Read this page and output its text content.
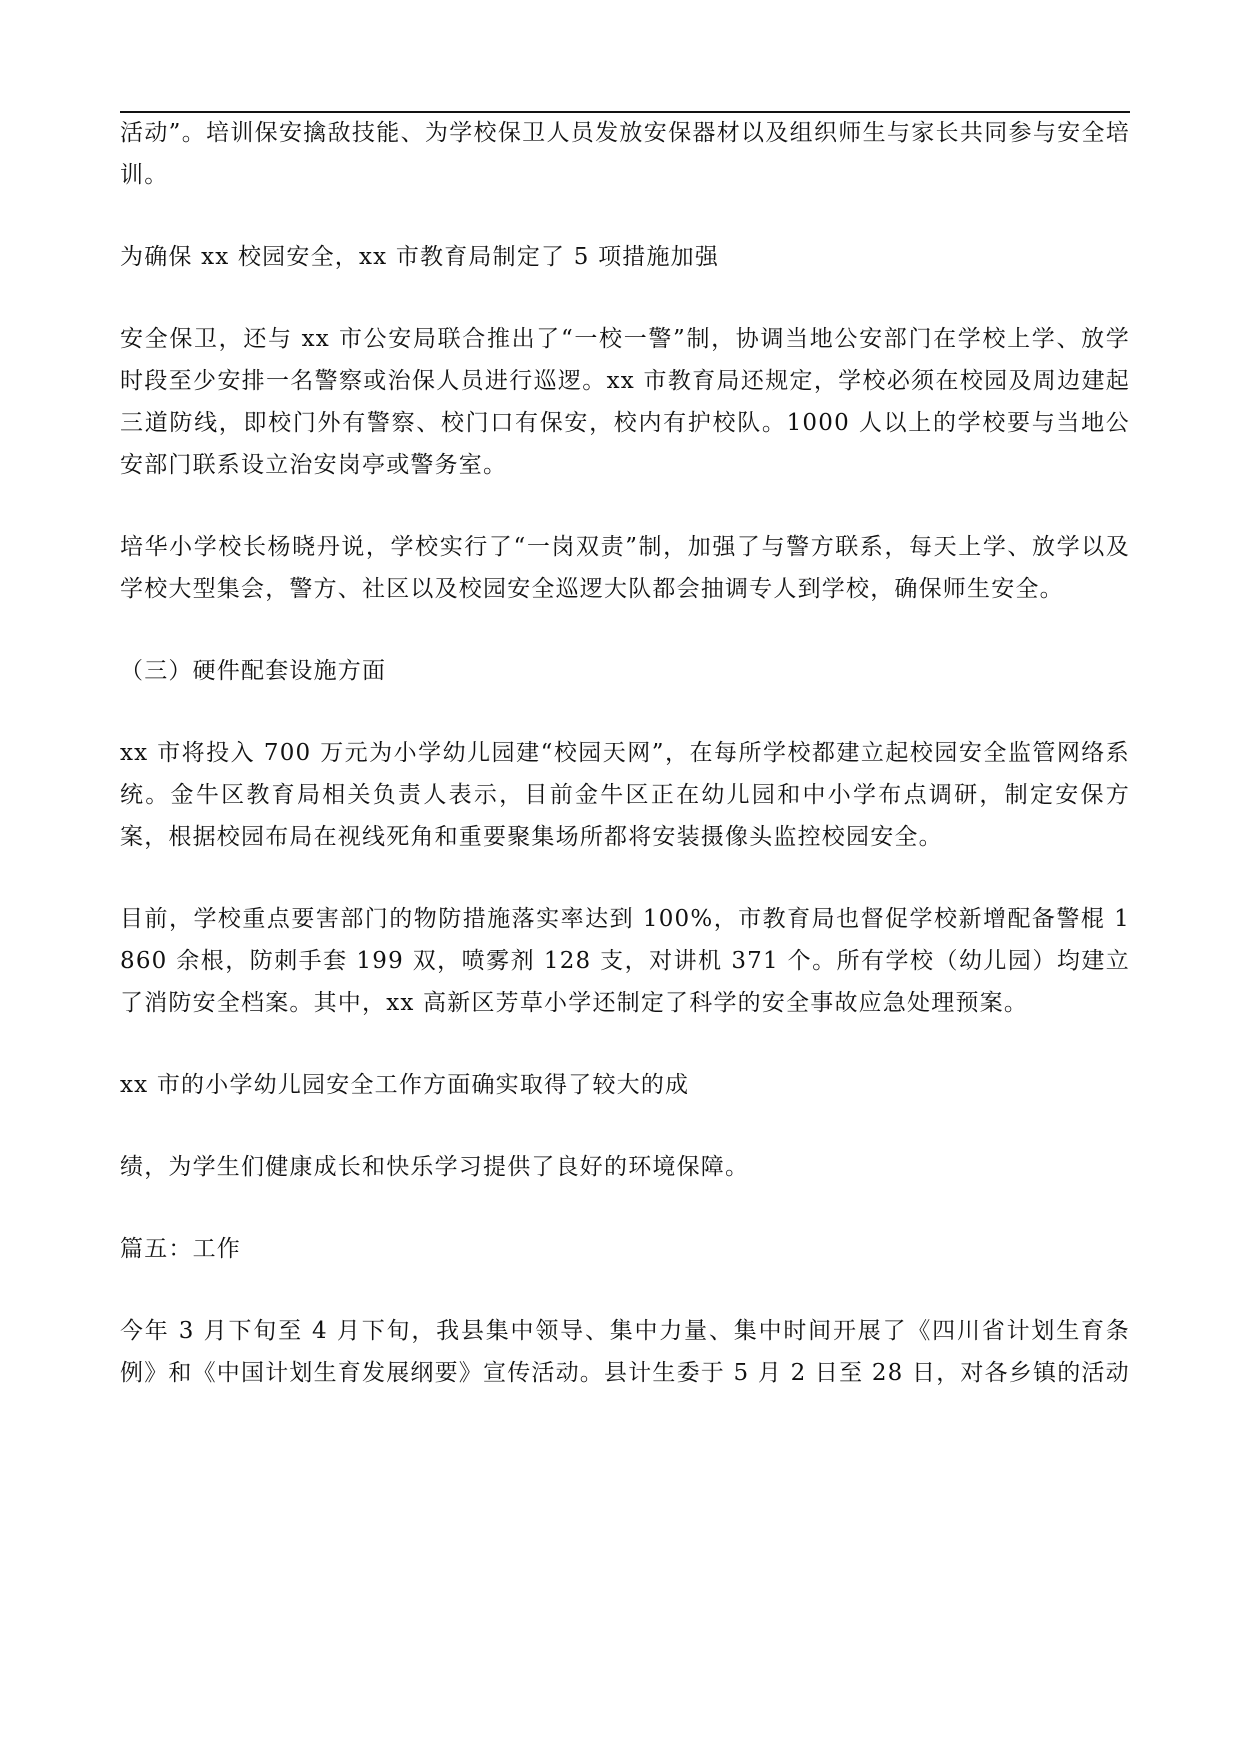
活动”。培训保安擒敌技能、为学校保卫人员发放安保器材以及组织师生与家长共同参与安全培训。

为确保 xx 校园安全，xx 市教育局制定了 5 项措施加强

安全保卫，还与 xx 市公安局联合推出了“一校一警”制，协调当地公安部门在学校上学、放学时段至少安排一名警察或治保人员进行巡逻。xx 市教育局还规定，学校必须在校园及周边建起三道防线，即校门外有警察、校门口有保安，校内有护校队。1000 人以上的学校要与当地公安部门联系设立治安岗亭或警务室。

培华小学校长杨晓丹说，学校实行了“一岗双责”制，加强了与警方联系，每天上学、放学以及学校大型集会，警方、社区以及校园安全巡逻大队都会抽调专人到学校，确保师生安全。

（三）硬件配套设施方面

xx 市将投入 700 万元为小学幼儿园建“校园天网”，在每所学校都建立起校园安全监管网络系统。金牛区教育局相关负责人表示，目前金牛区正在幼儿园和中小学布点调研，制定安保方案，根据校园布局在视线死角和重要聚集场所都将安装摄像头监控校园安全。

目前，学校重点要害部门的物防措施落实率达到 100%，市教育局也督促学校新增配备警棍 1860 余根，防刺手套 199 双，喷雾剂 128 支，对讲机 371 个。所有学校（幼儿园）均建立了消防安全档案。其中，xx 高新区芳草小学还制定了科学的安全事故应急处理预案。

xx 市的小学幼儿园安全工作方面确实取得了较大的成

绩，为学生们健康成长和快乐学习提供了良好的环境保障。

篇五：工作

今年 3 月下旬至 4 月下旬，我县集中领导、集中力量、集中时间开展了《四川省计划生育条例》和《中国计划生育发展纲要》宣传活动。县计生委于 5 月 2 日至 28 日，对各乡镇的活动
